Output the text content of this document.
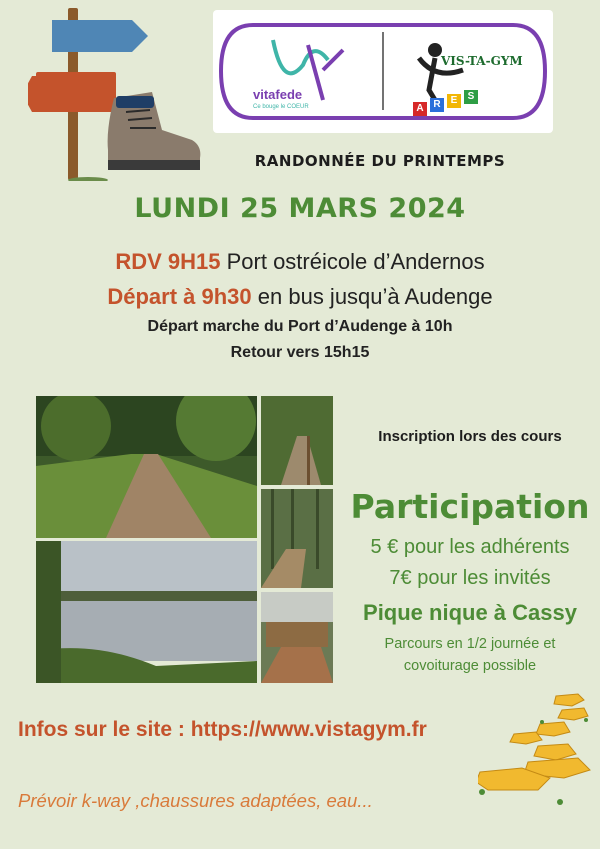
vitafede
Ce bouge le COEUR
VIS-TA-GYM
A R	E	S
RANDONNÉE DU PRINTEMPS
LUNDI 25 MARS 2024
RDV 9H15 Port ostréicole d’Andernos
Départ à 9h30 en bus jusqu’à Audenge
Départ marche du Port d’Audenge à 10h
Retour vers 15h15
Inscription lors des cours
Participation
5 € pour les adhérents
7€ pour les invités
Pique nique à Cassy
Parcours en 1/2 journée et
covoiturage possible
Infos sur le site : https://www.vistagym.fr
Prévoir k-way ,chaussures adaptées, eau...
